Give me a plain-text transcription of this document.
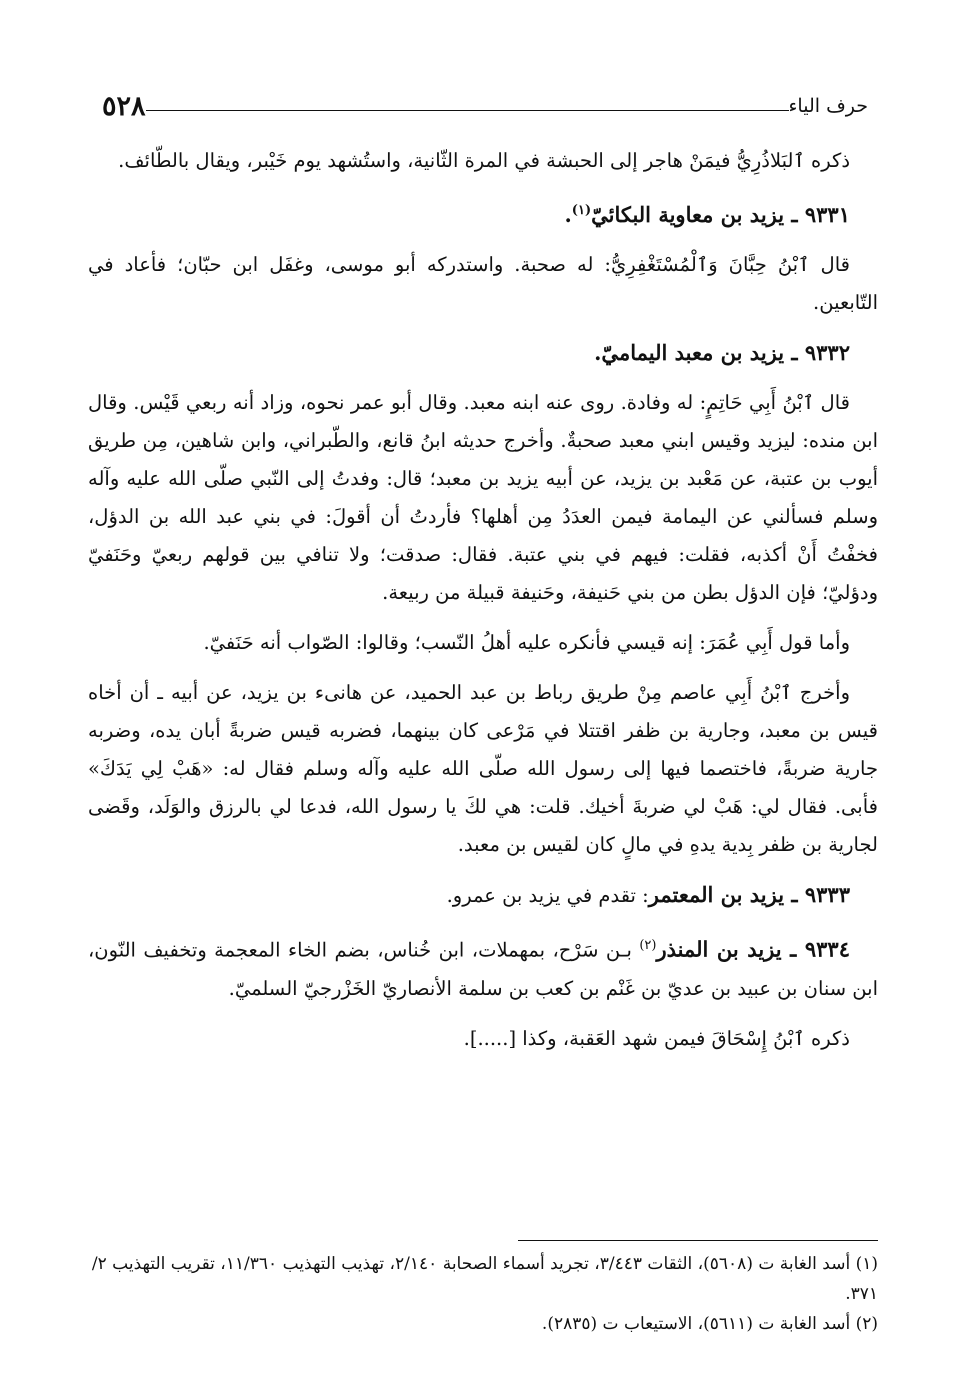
حرف الياء
٥٢٨

ذكره ٱلبَلاذُرِيُّ فيمَنْ هاجر إلى الحبشة في المرة الثّانية، واستُشهد يوم خَيْبر، ويقال بالطّائف.

٩٣٣١ ـ يزيد بن معاوية البكائيّ$^{(١)}$.

قال ٱبْنُ حِبَّانَ وَٱلْمُسْتَغْفِرِيُّ: له صحبة. واستدركه أبو موسى، وغفَل ابن حبّان؛ فأعاد في التّابعين.

٩٣٣٢ ـ يزيد بن معبد اليماميّ.

قال ٱبْنُ أَبِي حَاتِمٍ: له وفادة. روى عنه ابنه معبد. وقال أبو عمر نحوه، وزاد أنه ربعي قَيْس. وقال ابن منده: ليزيد وقيس ابني معبد صحبةٌ. وأخرج حديثه ابنُ قانع، والطّبراني، وابن شاهين، مِن طريق أيوب بن عتبة، عن مَعْبد بن يزيد، عن أبيه يزيد بن معبد؛ قال: وفدتُ إلى النّبي صلّى الله عليه وآله وسلم فسألني عن اليمامة فيمن العدَدُ مِن أهلها؟ فأردتُ أن أقولَ: في بني عبد الله بن الدؤل، فخفْتُ أَنْ أكذبه، فقلت: فيهم في بني عتبة. فقال: صدقت؛ ولا تنافي بين قولهم ربعيّ وحَنَفيّ ودؤليّ؛ فإن الدؤل بطن من بني حَنيفة، وحَنيفة قبيلة من ربيعة.

وأما قول أَبِي عُمَرَ: إنه قيسي فأنكره عليه أهلُ النّسب؛ وقالوا: الصّواب أنه حَنَفيّ.

وأخرج ٱبْنُ أَبِي عاصم مِنْ طريق رباط بن عبد الحميد، عن هانىء بن يزيد، عن أبيه ـ أن أخاه قيس بن معبد، وجارية بن ظفر اقتتلا في مَرْعى كان بينهما، فضربه قيس ضربةً أبان يده، وضربه جارية ضربةً، فاختصما فيها إلى رسول الله صلّى الله عليه وآله وسلم فقال له: «هَبْ لِي يَدَكَ» فأبى. فقال لي: هَبْ لي ضربةَ أخيك. قلت: هي لكَ يا رسول الله، فدعا لي بالرزق والوَلَد، وقَضى لجارية بن ظفر بِدية يدهِ في مالٍ كان لقيس بن معبد.

٩٣٣٣ ـ يزيد بن المعتمر: تقدم في يزيد بن عمرو.

٩٣٣٤ ـ يزيد بن المنذر$^{(٢)}$ بـن سَرْح، بمهملات، ابن خُناس، بضم الخاء المعجمة وتخفيف النّون، ابن سنان بن عبيد بن عديّ بن غَنْم بن كعب بن سلمة الأنصاريّ الخَزْرجيّ السلميّ.

ذكره ٱبْنُ إِسْحَاقَ فيمن شهد العَقبة، وكذا [.....].

(١) أسد الغابة ت (٥٦٠٨)، الثقات ٣/٤٤٣، تجريد أسماء الصحابة ٢/١٤٠، تهذيب التهذيب ١١/٣٦٠، تقريب التهذيب ٢/ ٣٧١.

(٢) أسد الغابة ت (٥٦١١)، الاستيعاب ت (٢٨٣٥).
